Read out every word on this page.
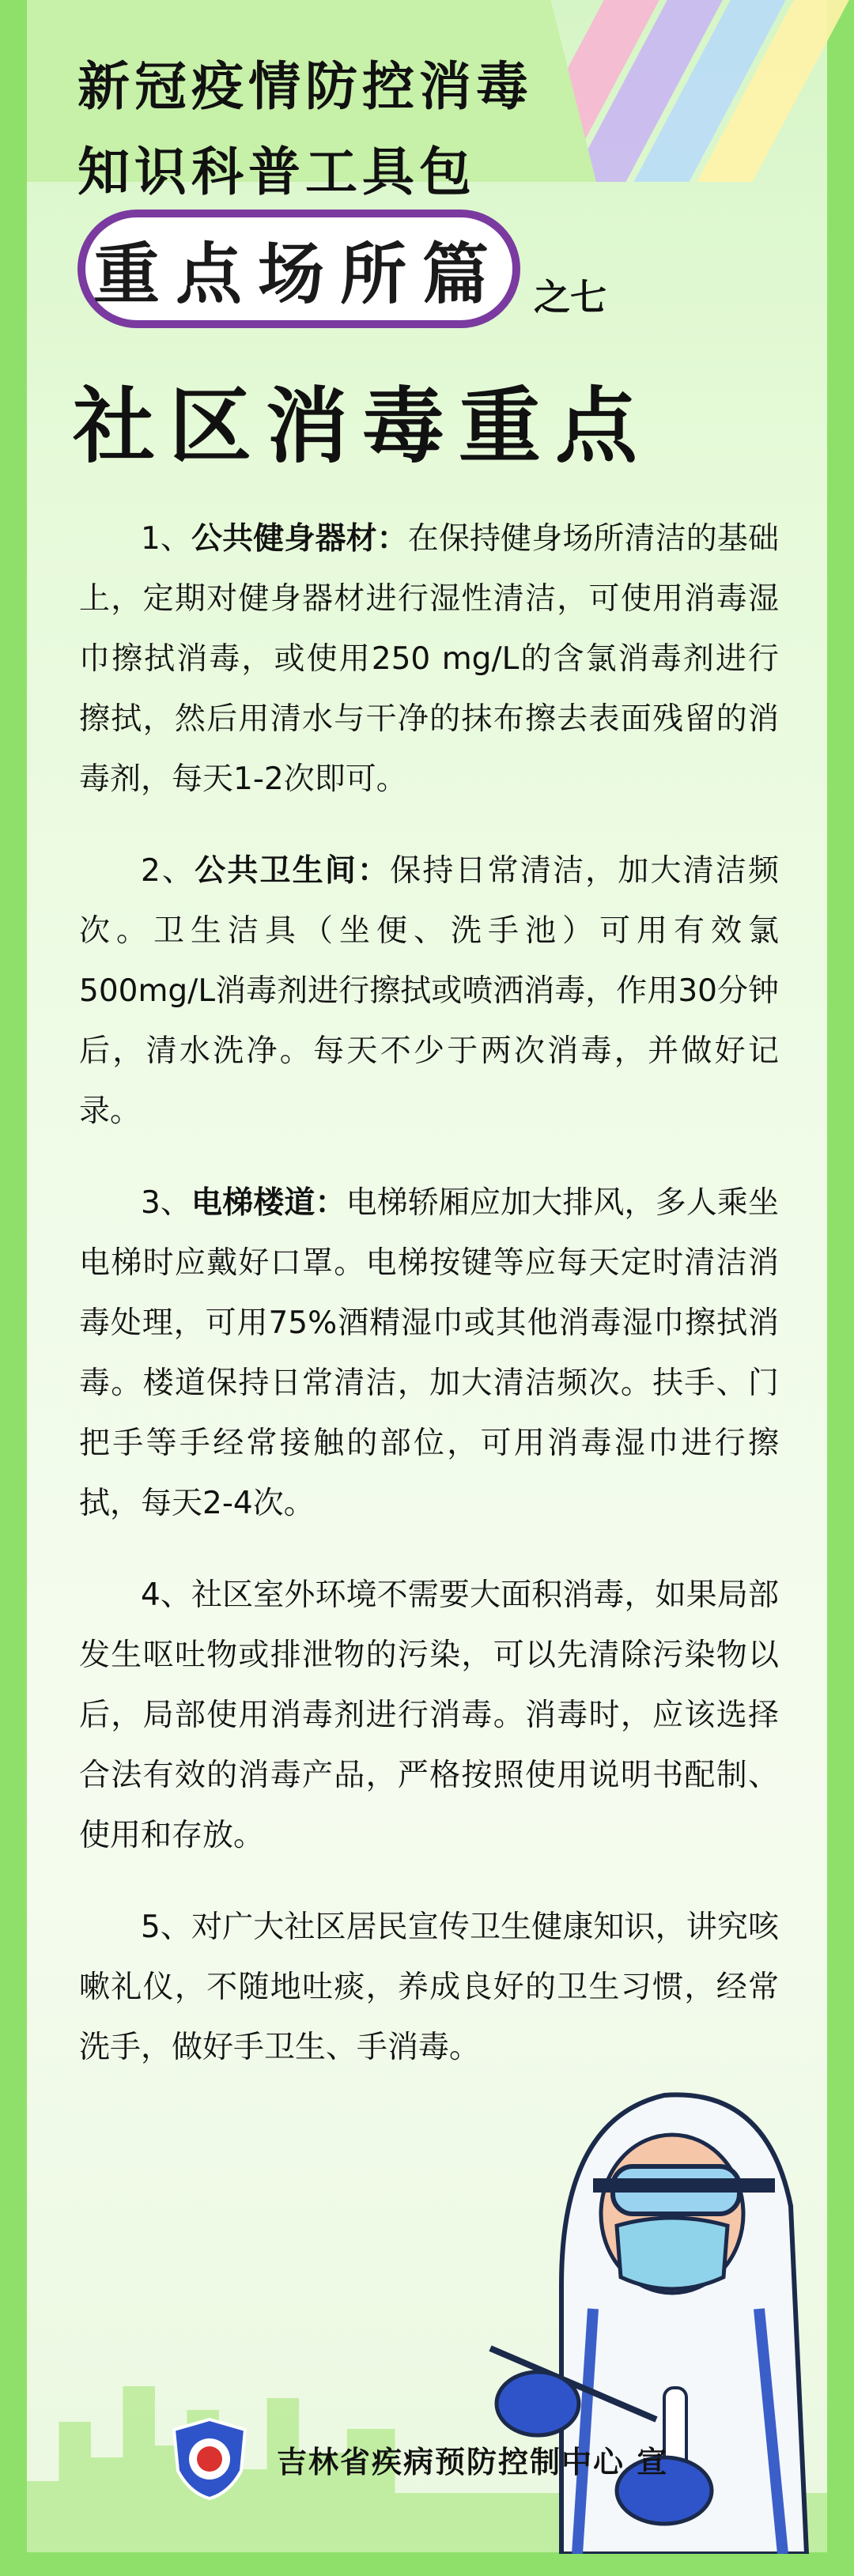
新冠疫情防控消毒
知识科普工具包
重点场所篇 之七
社区消毒重点

1、公共健身器材：在保持健身场所清洁的基础上，定期对健身器材进行湿性清洁，可使用消毒湿巾擦拭消毒，或使用250 mg/L的含氯消毒剂进行擦拭，然后用清水与干净的抹布擦去表面残留的消毒剂，每天1-2次即可。

2、公共卫生间：保持日常清洁，加大清洁频次。卫生洁具（坐便、洗手池）可用有效氯500mg/L消毒剂进行擦拭或喷洒消毒，作用30分钟后，清水洗净。每天不少于两次消毒，并做好记录。

3、电梯楼道：电梯轿厢应加大排风，多人乘坐电梯时应戴好口罩。电梯按键等应每天定时清洁消毒处理，可用75%酒精湿巾或其他消毒湿巾擦拭消毒。楼道保持日常清洁，加大清洁频次。扶手、门把手等手经常接触的部位，可用消毒湿巾进行擦拭，每天2-4次。

4、社区室外环境不需要大面积消毒，如果局部发生呕吐物或排泄物的污染，可以先清除污染物以后，局部使用消毒剂进行消毒。消毒时，应该选择合法有效的消毒产品，严格按照使用说明书配制、使用和存放。

5、对广大社区居民宣传卫生健康知识，讲究咳嗽礼仪，不随地吐痰，养成良好的卫生习惯，经常洗手，做好手卫生、手消毒。

吉林省疾病预防控制中心 宣
